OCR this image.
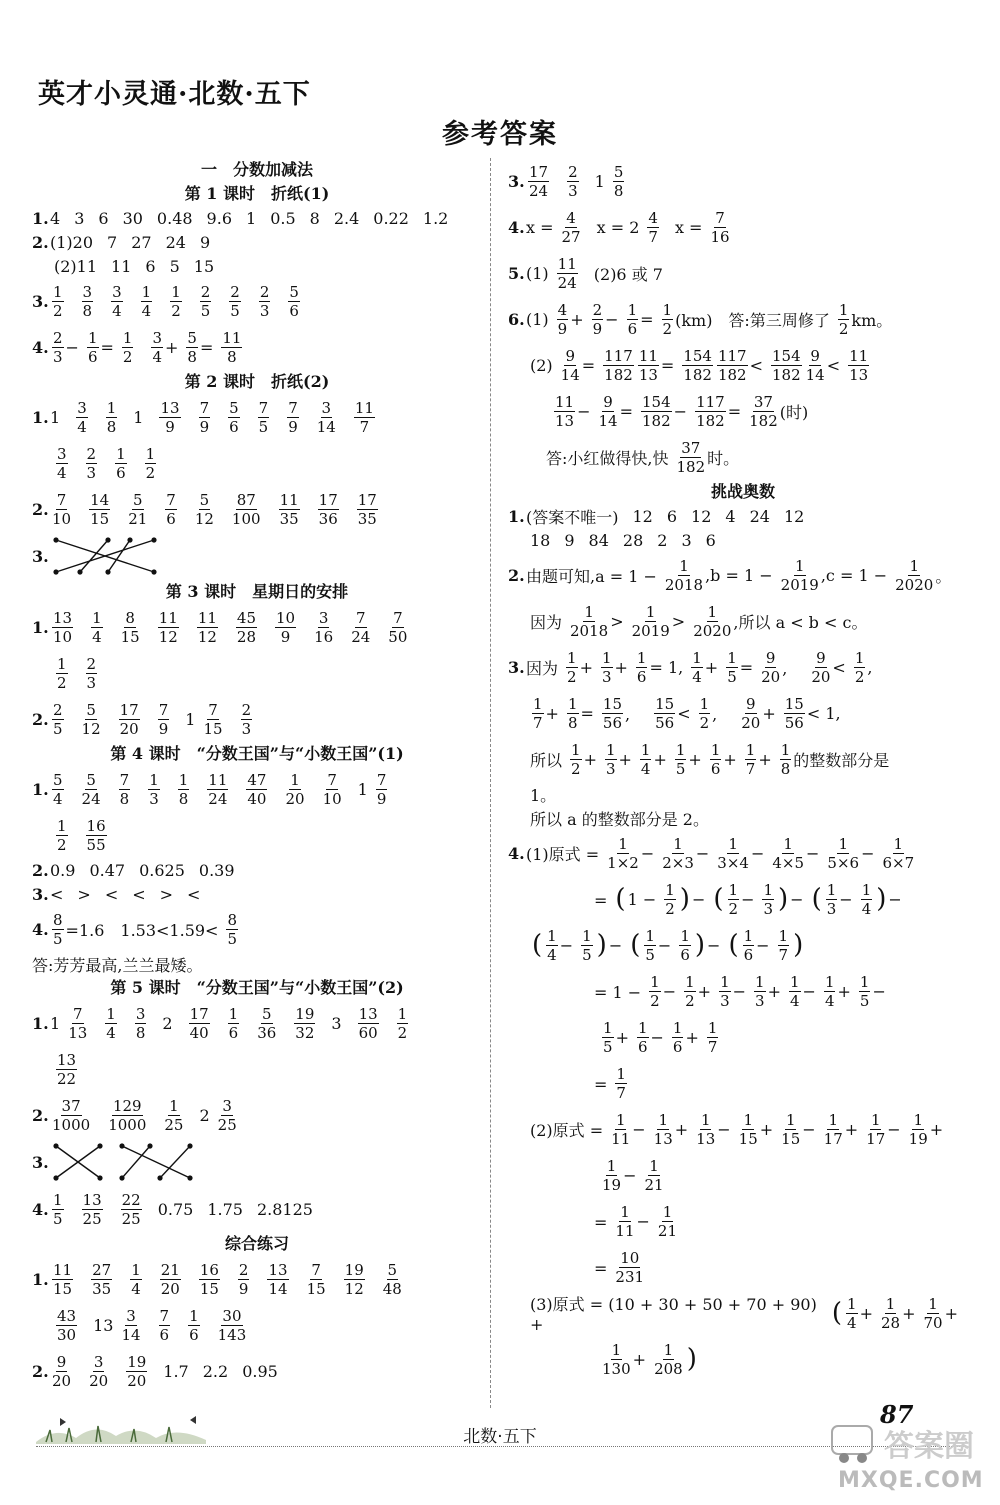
英才小灵通·北数·五下
参考答案
一　分数加减法
第 1 课时　折纸(1)
1. 4 3 6 30 0.48 9.6 1 0.5 8 2.4 0.22 1.2
2. (1)20 7 27 24 9
(2)11 11 6 5 15
3. $\frac{1}{2} \frac{3}{8} \frac{3}{4} \frac{1}{4} \frac{1}{2} \frac{2}{5} \frac{2}{5} \frac{2}{3} \frac{5}{6}$
4. $\frac{2}{3} - \frac{1}{6} = \frac{1}{2} \frac{3}{4} + \frac{5}{8} = \frac{11}{8}$
第 2 课时　折纸(2)
1. $1 \frac{3}{4} \frac{1}{8} 1 \frac{13}{9} \frac{7}{9} \frac{5}{6} \frac{7}{5} \frac{7}{9} \frac{3}{14} \frac{11}{7}$
$\frac{3}{4} \frac{2}{3} \frac{1}{6} \frac{1}{2}$
2. $\frac{7}{10} \frac{14}{15} \frac{5}{21} \frac{7}{6} \frac{5}{12} \frac{87}{100} \frac{11}{35} \frac{17}{36} \frac{17}{35}$
3.
第 3 课时　星期日的安排
1. $\frac{13}{10} \frac{1}{4} \frac{8}{15} \frac{11}{12} \frac{11}{12} \frac{45}{28} \frac{10}{9} \frac{3}{16} \frac{7}{24} \frac{7}{50}$
$\frac{1}{2} \frac{2}{3}$
2. $\frac{2}{5} \frac{5}{12} \frac{17}{20} \frac{7}{9} 1 \frac{7}{15} \frac{2}{3}$
第 4 课时　“分数王国”与“小数王国”(1)
1. $\frac{5}{4} \frac{5}{24} \frac{7}{8} \frac{1}{3} \frac{1}{8} \frac{11}{24} \frac{47}{40} \frac{1}{20} \frac{7}{10} 1 \frac{7}{9}$
$\frac{1}{2} \frac{16}{55}$
2. 0.9 0.47 0.625 0.39
3. < > < < > <
4. $\frac{8}{5} =1.6$　$1.53<1.59< \frac{8}{5}$
答:芳芳最高,兰兰最矮。
第 5 课时　“分数王国”与“小数王国”(2)
1. $1 \frac{7}{13} \frac{1}{4} \frac{3}{8} 2 \frac{17}{40} \frac{1}{6} \frac{5}{36} \frac{19}{32} 3 \frac{13}{60} \frac{1}{2}$
$\frac{13}{22}$
2. $\frac{37}{1000} \frac{129}{1000} \frac{1}{25} 2 \frac{3}{25}$
3.
4. $\frac{1}{5} \frac{13}{25} \frac{22}{25} 0.75$ 1.75 2.8125
综合练习
1. $\frac{11}{15} \frac{27}{35} \frac{1}{4} \frac{21}{20} \frac{16}{15} \frac{2}{9} \frac{13}{14} \frac{7}{15} \frac{19}{12} \frac{5}{48}$
$\frac{43}{30} 13 \frac{3}{14} \frac{7}{6} \frac{1}{6} \frac{30}{143}$
2. $\frac{9}{20} \frac{3}{20} \frac{19}{20} 1.7$ 2.2 0.95
3. $\frac{17}{24} \frac{2}{3} 1 \frac{5}{8}$
4. $x = \frac{4}{27}$ $x = 2 \frac{4}{7}$ $x = \frac{7}{16}$
5. $(1) \frac{11}{24} (2)6$ 或 7
6. $(1) \frac{4}{9} + \frac{2}{9} - \frac{1}{6} = \frac{1}{2} (km)$　答:第三周修了 $\frac{1}{2}$ km。
$(2) \frac{9}{14} = \frac{117}{182} \frac{11}{13} = \frac{154}{182} \frac{117}{182} < \frac{154}{182} \frac{9}{14} < \frac{11}{13}$

$\frac{11}{13} - \frac{9}{14} = \frac{154}{182} - \frac{117}{182} = \frac{37}{182}$ (时)
　答:小红做得快,快 $\frac{37}{182}$ 时。
挑战奥数
1. (答案不唯一) 12 6 12 4 24 12
18 9 84 28 2 3 6
2. 由题可知$,a = 1 - \frac{1}{2018} ,b = 1 - \frac{1}{2019} ,c = 1 - \frac{1}{2020}$ 。
因为 $\frac{1}{2018} > \frac{1}{2019} > \frac{1}{2020}$ ,所以 a < b < c。
3. 因为 $\frac{1}{2} + \frac{1}{3} + \frac{1}{6} = 1$, $\frac{1}{4} + \frac{1}{5} = \frac{9}{20}$ ,　 $\frac{9}{20} < \frac{1}{2}$ ,
$\frac{1}{7} + \frac{1}{8} = \frac{15}{56}$ ,　 $\frac{15}{56} < \frac{1}{2}$ ,　 $\frac{9}{20} + \frac{15}{56} < 1$,
所以 $\frac{1}{2} + \frac{1}{3} + \frac{1}{4} + \frac{1}{5} + \frac{1}{6} + \frac{1}{7} + \frac{1}{8}$ 的整数部分是
1。
所以 a 的整数部分是 2。
4. (1)原式 = $\frac{1}{1\times 2} - \frac{1}{2\times 3} - \frac{1}{3\times 4} - \frac{1}{4\times 5} - \frac{1}{5\times 6} - \frac{1}{6\times 7}$
　　　　= ( $1 - \frac{1}{2}$ ) − ( $\frac{1}{2} - \frac{1}{3}$ ) − ( $\frac{1}{3} - \frac{1}{4}$ ) −
( $\frac{1}{4} - \frac{1}{5}$ ) − ( $\frac{1}{5} - \frac{1}{6}$ ) − ( $\frac{1}{6} - \frac{1}{7}$ )
　　　　= $1 - \frac{1}{2} - \frac{1}{2} + \frac{1}{3} - \frac{1}{3} + \frac{1}{4} - \frac{1}{4} + \frac{1}{5}$ −

$\frac{1}{5} + \frac{1}{6} - \frac{1}{6} + \frac{1}{7}$
　　　　= $\frac{1}{7}$
(2)原式 = $\frac{1}{11} - \frac{1}{13} + \frac{1}{13} - \frac{1}{15} + \frac{1}{15} - \frac{1}{17} + \frac{1}{17} - \frac{1}{19}$ +

$\frac{1}{19} - \frac{1}{21}$
　　　　= $\frac{1}{11} - \frac{1}{21}$
　　　　= $\frac{10}{231}$
(3)原式 = (10 + 30 + 50 + 70 + 90) +	( $\frac{1}{4} + \frac{1}{28} + \frac{1}{70}$ +

$\frac{1}{130} + \frac{1}{208}$ )
北数·五下
87
答案圈
MXQE.COM
